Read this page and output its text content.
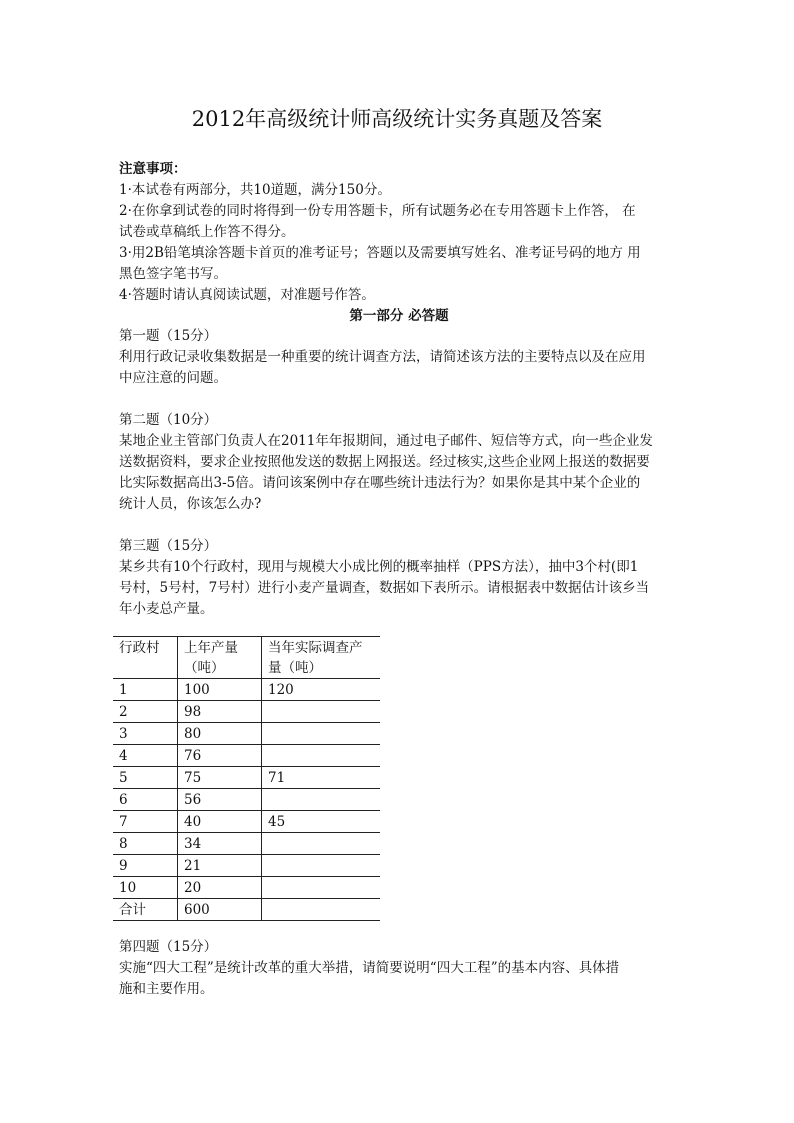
2012年高级统计师高级统计实务真题及答案

注意事项：

1·本试卷有两部分，共10道题，满分150分。

2·在你拿到试卷的同时将得到一份专用答题卡，所有试题务必在专用答题卡上作答， 在

试卷或草稿纸上作答不得分。

3·用2B铅笔填涂答题卡首页的准考证号；答题以及需要填写姓名、准考证号码的地方 用

黑色签字笔书写。

4·答题时请认真阅读试题，对准题号作答。

第一部分 必答题

第一题（15分）

利用行政记录收集数据是一种重要的统计调查方法，请简述该方法的主要特点以及在应用

中应注意的问题。

第二题（10分）

某地企业主管部门负责人在2011年年报期间，通过电子邮件、短信等方式，向一些企业发

送数据资料，要求企业按照他发送的数据上网报送。经过核实,这些企业网上报送的数据要

比实际数据高出3-5倍。请问该案例中存在哪些统计违法行为？如果你是其中某个企业的

统计人员，你该怎么办?

第三题（15分）

某乡共有10个行政村，现用与规模大小成比例的概率抽样（PPS方法），抽中3个村(即1

号村，5号村，7号村）进行小麦产量调查，数据如下表所示。请根据表中数据估计该乡当

年小麦总产量。

行政村	上年产量（吨）	当年实际调查产量（吨）
1	100	120
2	98	
3	80	
4	76	
5	75	71
6	56	
7	40	45
8	34	
9	21	
10	20	
合计	600	

第四题（15分）

实施“四大工程”是统计改革的重大举措，请简要说明“四大工程”的基本内容、具体措

施和主要作用。
